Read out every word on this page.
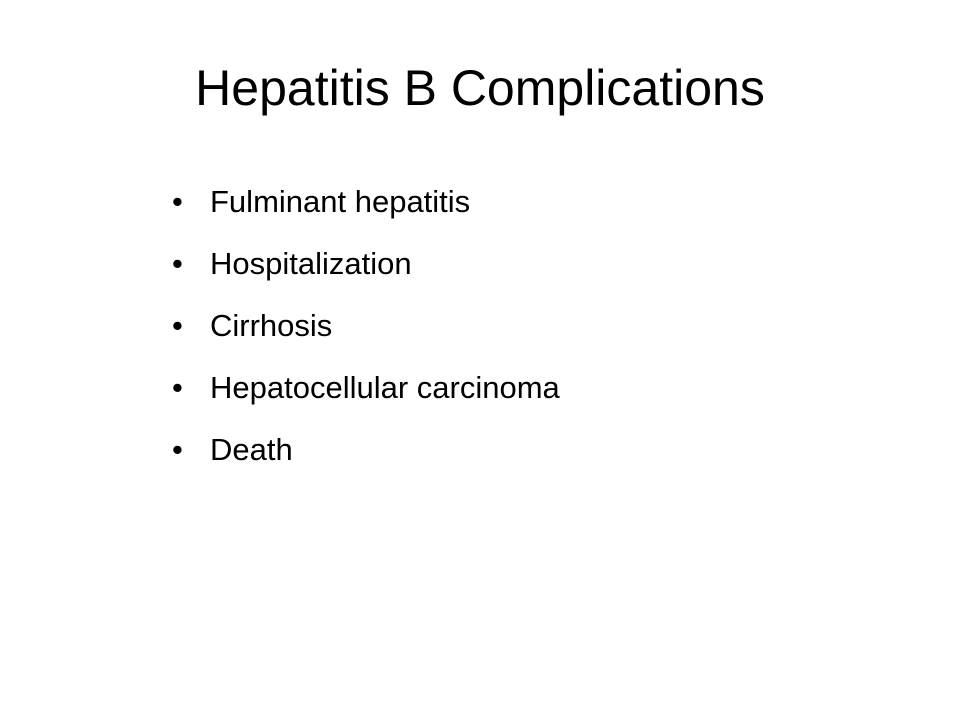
Hepatitis B Complications
• Fulminant hepatitis
• Hospitalization
• Cirrhosis
• Hepatocellular carcinoma
• Death
